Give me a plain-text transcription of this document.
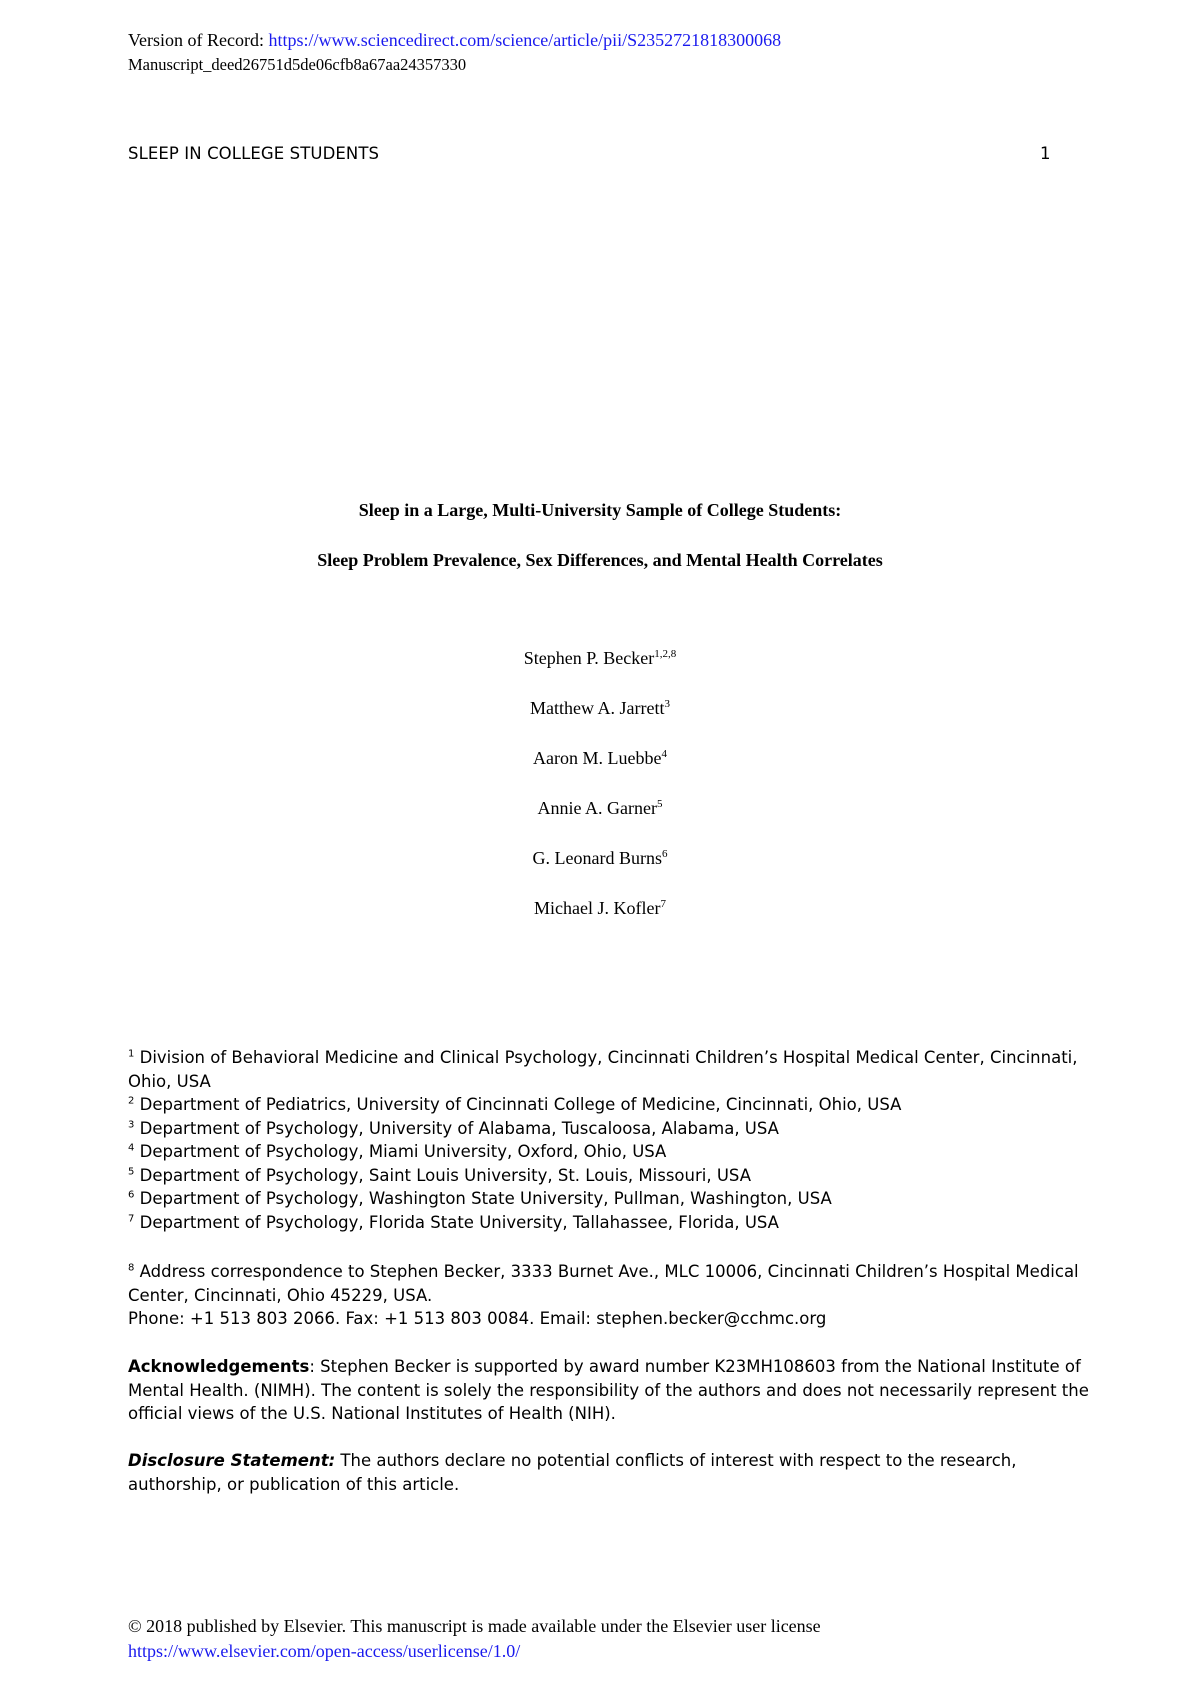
Version of Record: https://www.sciencedirect.com/science/article/pii/S2352721818300068
Manuscript_deed26751d5de06cfb8a67aa24357330
SLEEP IN COLLEGE STUDENTS	1
Sleep in a Large, Multi-University Sample of College Students:
Sleep Problem Prevalence, Sex Differences, and Mental Health Correlates
Stephen P. Becker$^{1,2,8}$
Matthew A. Jarrett$^3$
Aaron M. Luebbe$^4$
Annie A. Garner$^5$
G. Leonard Burns$^6$
Michael J. Kofler$^7$
$^1$ Division of Behavioral Medicine and Clinical Psychology, Cincinnati Children’s Hospital Medical Center, Cincinnati, Ohio, USA
$^2$ Department of Pediatrics, University of Cincinnati College of Medicine, Cincinnati, Ohio, USA
$^3$ Department of Psychology, University of Alabama, Tuscaloosa, Alabama, USA
$^4$ Department of Psychology, Miami University, Oxford, Ohio, USA
$^5$ Department of Psychology, Saint Louis University, St. Louis, Missouri, USA
$^6$ Department of Psychology, Washington State University, Pullman, Washington, USA
$^7$ Department of Psychology, Florida State University, Tallahassee, Florida, USA
$^8$ Address correspondence to Stephen Becker, 3333 Burnet Ave., MLC 10006, Cincinnati Children’s Hospital Medical Center, Cincinnati, Ohio 45229, USA.
Phone: +1 513 803 2066. Fax: +1 513 803 0084. Email: stephen.becker@cchmc.org
Acknowledgements: Stephen Becker is supported by award number K23MH108603 from the National Institute of Mental Health. (NIMH). The content is solely the responsibility of the authors and does not necessarily represent the official views of the U.S. National Institutes of Health (NIH).
Disclosure Statement: The authors declare no potential conflicts of interest with respect to the research, authorship, or publication of this article.
© 2018 published by Elsevier. This manuscript is made available under the Elsevier user license
https://www.elsevier.com/open-access/userlicense/1.0/
